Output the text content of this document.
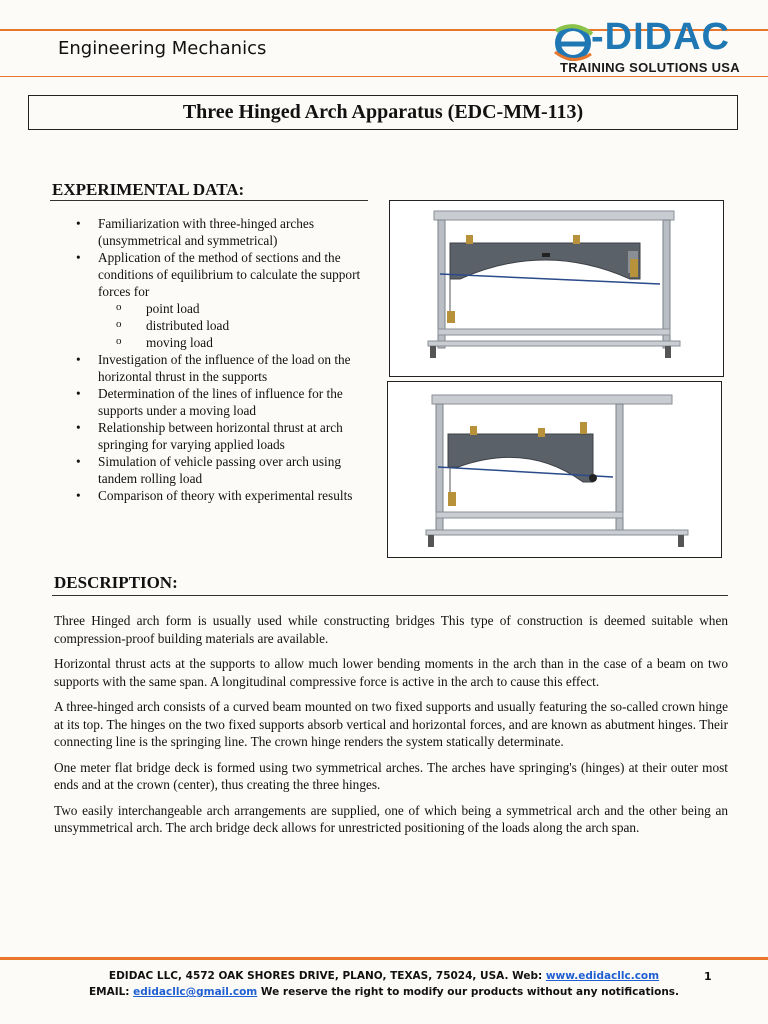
Engineering Mechanics	-DIDAC
TRAINING SOLUTIONS USA
Three Hinged Arch Apparatus (EDC-MM-113)
EXPERIMENTAL DATA:
• Familiarization with three-hinged arches (unsymmetrical and symmetrical)
• Application of the method of sections and the conditions of equilibrium to calculate the support forces for
o point load
o distributed load
o moving load
• Investigation of the influence of the load on the horizontal thrust in the supports
• Determination of the lines of influence for the supports under a moving load
• Relationship between horizontal thrust at arch springing for varying applied loads
• Simulation of vehicle passing over arch using tandem rolling load
• Comparison of theory with experimental results
DESCRIPTION:

Three Hinged arch form is usually used while constructing bridges This type of construction is deemed suitable when compression-proof building materials are available.

Horizontal thrust acts at the supports to allow much lower bending moments in the arch than in the case of a beam on two supports with the same span. A longitudinal compressive force is active in the arch to cause this effect.

A three-hinged arch consists of a curved beam mounted on two fixed supports and usually featuring the so-called crown hinge at its top. The hinges on the two fixed supports absorb vertical and horizontal forces, and are known as abutment hinges. Their connecting line is the springing line. The crown hinge renders the system statically determinate.

One meter flat bridge deck is formed using two symmetrical arches. The arches have springing's (hinges) at their outer most ends and at the crown (center), thus creating the three hinges.

Two easily interchangeable arch arrangements are supplied, one of which being a symmetrical arch and the other being an unsymmetrical arch. The arch bridge deck allows for unrestricted positioning of the loads along the arch span.

EDIDAC LLC, 4572 OAK SHORES DRIVE, PLANO, TEXAS, 75024, USA. Web: www.edidacllc.com	1
EMAIL: edidacllc@gmail.com We reserve the right to modify our products without any notifications.
